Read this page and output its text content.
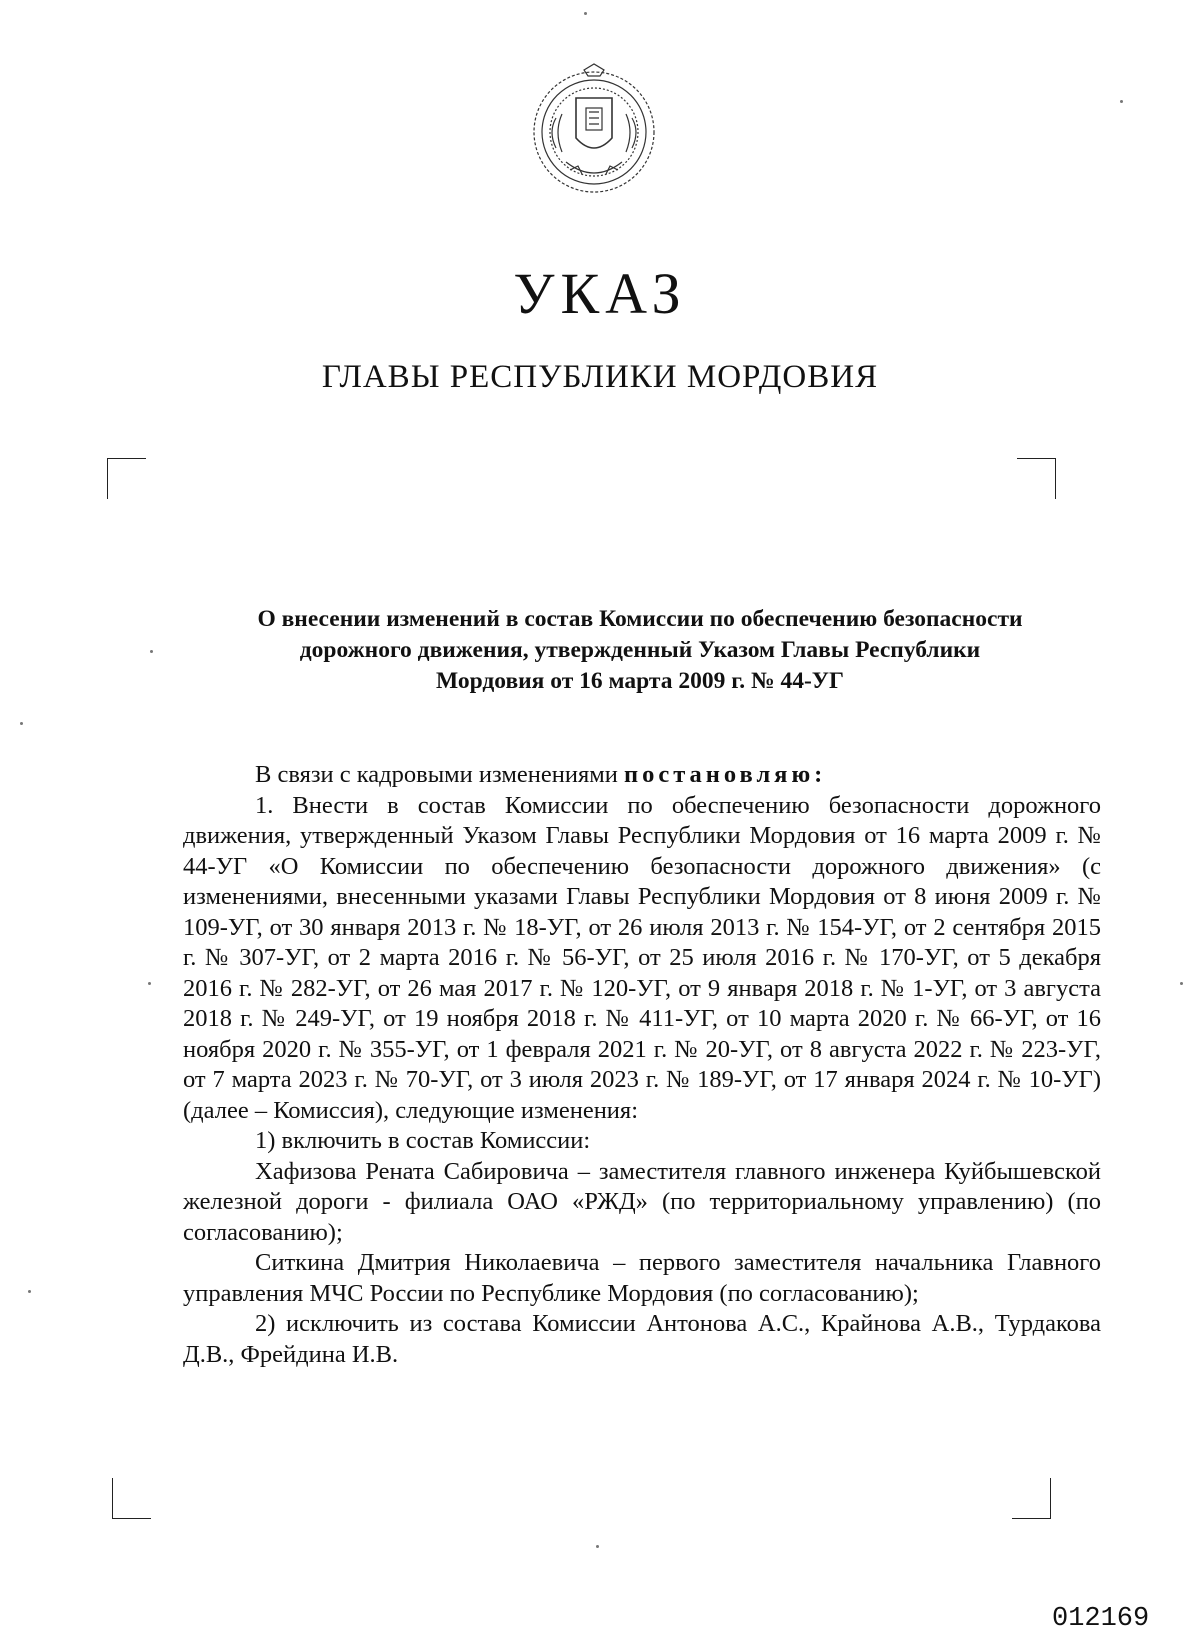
УКАЗ
ГЛАВЫ РЕСПУБЛИКИ МОРДОВИЯ
О внесении изменений в состав Комиссии по обеспечению безопасности
дорожного движения, утвержденный Указом Главы Республики
Мордовия от 16 марта 2009 г. № 44-УГ

В связи с кадровыми изменениями постановляю:

1. Внести в состав Комиссии по обеспечению безопасности дорожного движения, утвержденный Указом Главы Республики Мордовия от 16 марта 2009 г. № 44-УГ «О Комиссии по обеспечению безопасности дорожного движения» (с изменениями, внесенными указами Главы Республики Мордовия от 8 июня 2009 г. № 109-УГ, от 30 января 2013 г. № 18-УГ, от 26 июля 2013 г. № 154-УГ, от 2 сентября 2015 г. № 307-УГ, от 2 марта 2016 г. № 56-УГ, от 25 июля 2016 г. № 170-УГ, от 5 декабря 2016 г. № 282-УГ, от 26 мая 2017 г. № 120-УГ, от 9 января 2018 г. № 1-УГ, от 3 августа 2018 г. № 249-УГ, от 19 ноября 2018 г. № 411-УГ, от 10 марта 2020 г. № 66-УГ, от 16 ноября 2020 г. № 355-УГ, от 1 февраля 2021 г. № 20-УГ, от 8 августа 2022 г. № 223-УГ, от 7 марта 2023 г. № 70-УГ, от 3 июля 2023 г. № 189-УГ, от 17 января 2024 г. № 10-УГ) (далее – Комиссия), следующие изменения:

1) включить в состав Комиссии:

Хафизова Рената Сабировича – заместителя главного инженера Куйбышевской железной дороги - филиала ОАО «РЖД» (по территориальному управлению) (по согласованию);

Ситкина Дмитрия Николаевича – первого заместителя начальника Главного управления МЧС России по Республике Мордовия (по согласованию);

2) исключить из состава Комиссии Антонова А.С., Крайнова А.В., Турдакова Д.В., Фрейдина И.В.

012169
